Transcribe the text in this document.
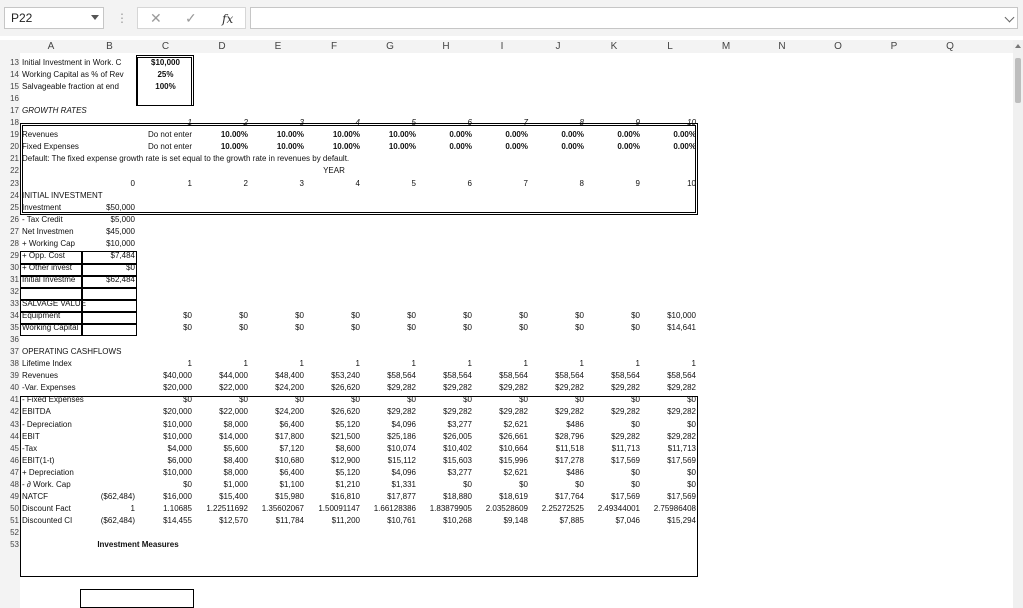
P22	⋮ ✕ ✓ fx
A	B	C	D	E	F	G	H	I	J	K	L	M	N	O	P	Q
13
14
15
16
17
18
19
20
21
22
23
24
25
26
27
28
29
30
31
32
33
34
35
36
37
38
39
40
41
42
43
44
45
46
47
48
49
50
51
52
53
Initial Investment in Work. C	$10,000
Working Capital as % of Rev	25%
Salvageable fraction at end	100%
GROWTH RATES
1	2	3	4	5	6	7	8	9	10
Revenues	Do not enter	10.00%	10.00%	10.00%	10.00%	0.00%	0.00%	0.00%	0.00%	0.00%
Fixed Expenses	Do not enter	10.00%	10.00%	10.00%	10.00%	0.00%	0.00%	0.00%	0.00%	0.00%
Default: The fixed expense growth rate is set equal to the growth rate in revenues by default.
YEAR
0	1	2	3	4	5	6	7	8	9	10
INITIAL INVESTMENT
Investment	$50,000
- Tax Credit	$5,000
Net Investmen	$45,000
+ Working Cap	$10,000
+ Opp. Cost	$7,484
+ Other invest	$0
Initial Investme	$62,484
SALVAGE VALUE
Equipment	$0	$0	$0	$0	$0	$0	$0	$0	$0	$10,000
Working Capital	$0	$0	$0	$0	$0	$0	$0	$0	$0	$14,641
OPERATING CASHFLOWS
Lifetime Index	1	1	1	1	1	1	1	1	1	1
Revenues	$40,000	$44,000	$48,400	$53,240	$58,564	$58,564	$58,564	$58,564	$58,564	$58,564
-Var. Expenses	$20,000	$22,000	$24,200	$26,620	$29,282	$29,282	$29,282	$29,282	$29,282	$29,282
- Fixed Expenses	$0	$0	$0	$0	$0	$0	$0	$0	$0	$0
EBITDA	$20,000	$22,000	$24,200	$26,620	$29,282	$29,282	$29,282	$29,282	$29,282	$29,282
- Depreciation	$10,000	$8,000	$6,400	$5,120	$4,096	$3,277	$2,621	$486	$0	$0
EBIT	$10,000	$14,000	$17,800	$21,500	$25,186	$26,005	$26,661	$28,796	$29,282	$29,282
-Tax	$4,000	$5,600	$7,120	$8,600	$10,074	$10,402	$10,664	$11,518	$11,713	$11,713
EBIT(1-t)	$6,000	$8,400	$10,680	$12,900	$15,112	$15,603	$15,996	$17,278	$17,569	$17,569
+ Depreciation	$10,000	$8,000	$6,400	$5,120	$4,096	$3,277	$2,621	$486	$0	$0
- ∂ Work. Cap	$0	$1,000	$1,100	$1,210	$1,331	$0	$0	$0	$0	$0
NATCF	($62,484)	$16,000	$15,400	$15,980	$16,810	$17,877	$18,880	$18,619	$17,764	$17,569	$17,569
Discount Fact	1	1.10685	1.22511692	1.35602067	1.50091147	1.66128386	1.83879905	2.03528609	2.25272525	2.49344001	2.75986408
Discounted CI	($62,484)	$14,455	$12,570	$11,784	$11,200	$10,761	$10,268	$9,148	$7,885	$7,046	$15,294
Investment Measures
